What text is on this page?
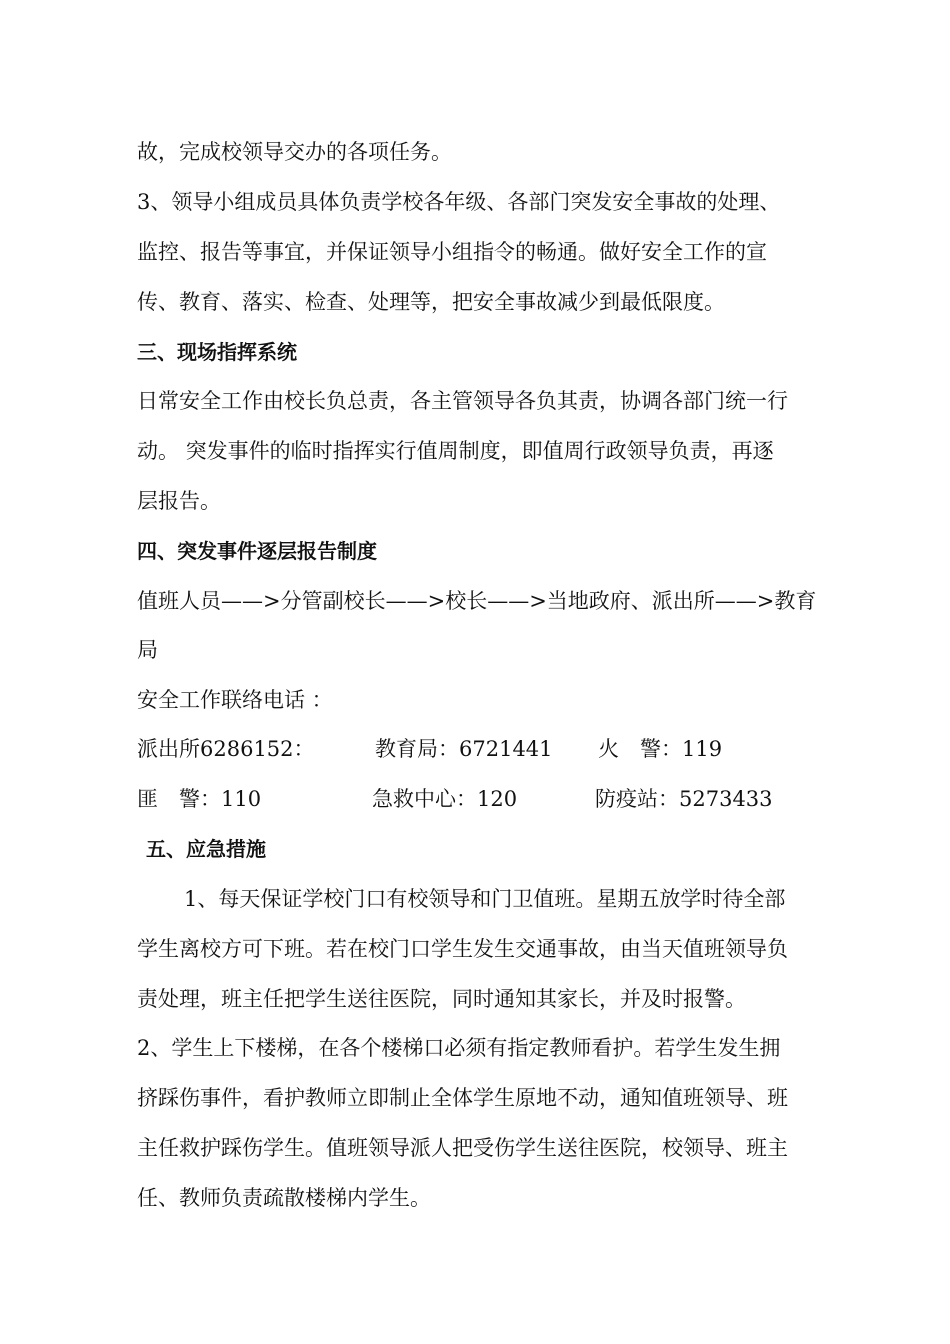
故，完成校领导交办的各项任务。
3、领导小组成员具体负责学校各年级、各部门突发安全事故的处理、
监控、报告等事宜，并保证领导小组指令的畅通。做好安全工作的宣
传、教育、落实、检查、处理等，把安全事故减少到最低限度。
三、现场指挥系统
日常安全工作由校长负总责，各主管领导各负其责，协调各部门统一行
动。 突发事件的临时指挥实行值周制度，即值周行政领导负责，再逐
层报告。
四、突发事件逐层报告制度
值班人员——>分管副校长——>校长——>当地政府、派出所——>教育
局
安全工作联络电话 ：
派出所6286152：	教育局：6721441 火　警：119
匪　警：110	急救中心：120	防疫站：5273433
五、应急措施
1、每天保证学校门口有校领导和门卫值班。星期五放学时待全部
学生离校方可下班。若在校门口学生发生交通事故，由当天值班领导负
责处理，班主任把学生送往医院，同时通知其家长，并及时报警。
2、学生上下楼梯，在各个楼梯口必须有指定教师看护。若学生发生拥
挤踩伤事件，看护教师立即制止全体学生原地不动，通知值班领导、班
主任救护踩伤学生。值班领导派人把受伤学生送往医院，校领导、班主
任、教师负责疏散楼梯内学生。
